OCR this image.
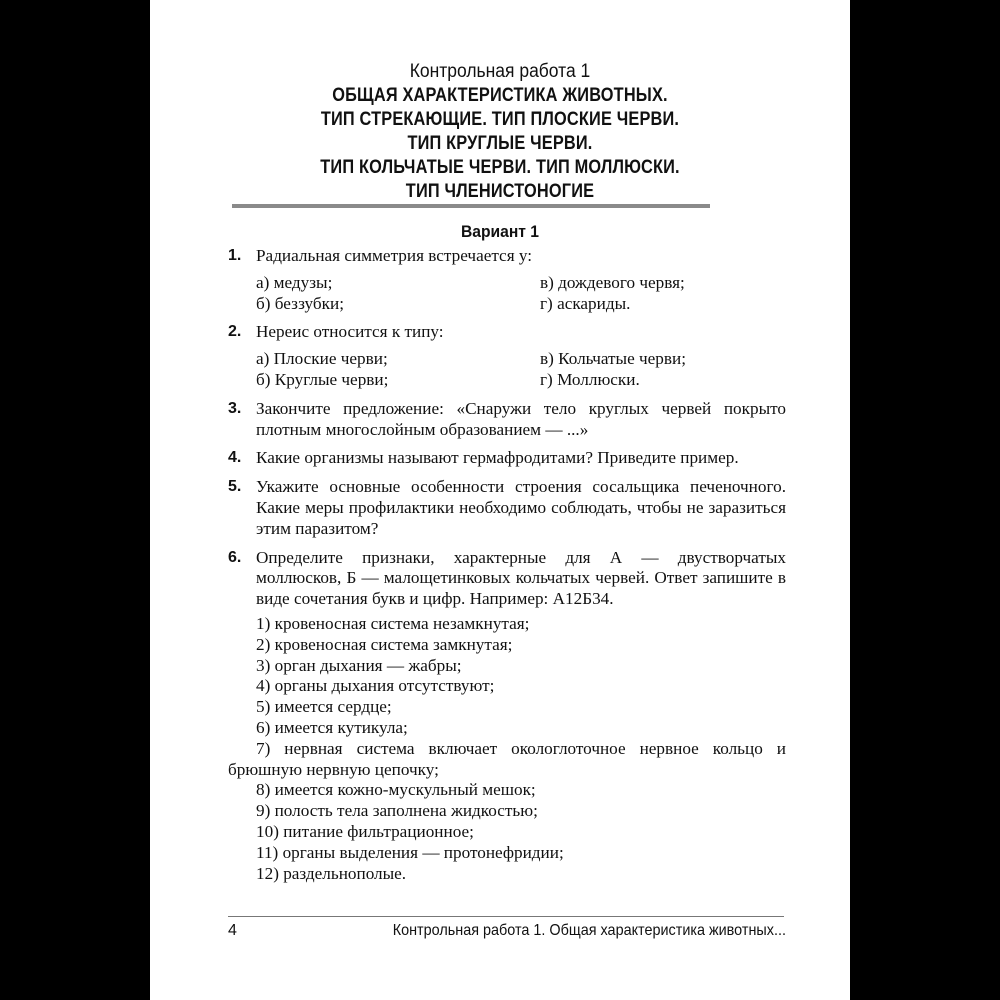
Контрольная работа 1
ОБЩАЯ ХАРАКТЕРИСТИКА ЖИВОТНЫХ.
ТИП СТРЕКАЮЩИЕ. ТИП ПЛОСКИЕ ЧЕРВИ.
ТИП КРУГЛЫЕ ЧЕРВИ.
ТИП КОЛЬЧАТЫЕ ЧЕРВИ. ТИП МОЛЛЮСКИ.
ТИП ЧЛЕНИСТОНОГИЕ
Вариант 1
1. Радиальная симметрия встречается у:
а) медузы;	в) дождевого червя;
б) беззубки;	г) аскариды.
2. Нереис относится к типу:
а) Плоские черви;	в) Кольчатые черви;
б) Круглые черви;	г) Моллюски.
3. Закончите предложение: «Снаружи тело круглых червей покрыто плотным многослойным образованием — ...»
4. Какие организмы называют гермафродитами? Приведите пример.
5. Укажите основные особенности строения сосальщика печеночного. Какие меры профилактики необходимо соблюдать, чтобы не заразиться этим паразитом?
6. Определите признаки, характерные для А — двустворчатых моллюсков, Б — малощетинковых кольчатых червей. Ответ запишите в виде сочетания букв и цифр. Например: А12Б34.
1) кровеносная система незамкнутая;
2) кровеносная система замкнутая;
3) орган дыхания — жабры;
4) органы дыхания отсутствуют;
5) имеется сердце;
6) имеется кутикула;
7) нервная система включает окологлоточное нервное кольцо и брюшную нервную цепочку;
8) имеется кожно-мускульный мешок;
9) полость тела заполнена жидкостью;
10) питание фильтрационное;
11) органы выделения — протонефридии;
12) раздельнополые.
4	Контрольная работа 1. Общая характеристика животных...
